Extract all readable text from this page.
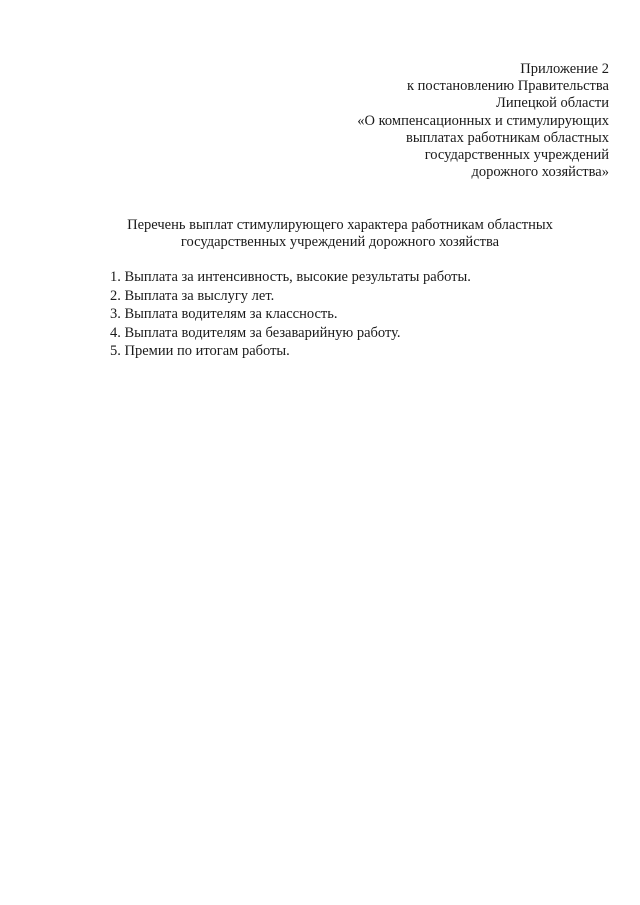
Приложение 2
к постановлению Правительства
Липецкой области
«О компенсационных и стимулирующих
выплатах работникам областных
государственных учреждений
дорожного хозяйства»
Перечень выплат стимулирующего характера работникам областных
государственных учреждений дорожного хозяйства
1. Выплата за интенсивность, высокие результаты работы.
2. Выплата за выслугу лет.
3. Выплата водителям за классность.
4. Выплата водителям за безаварийную работу.
5. Премии по итогам работы.
